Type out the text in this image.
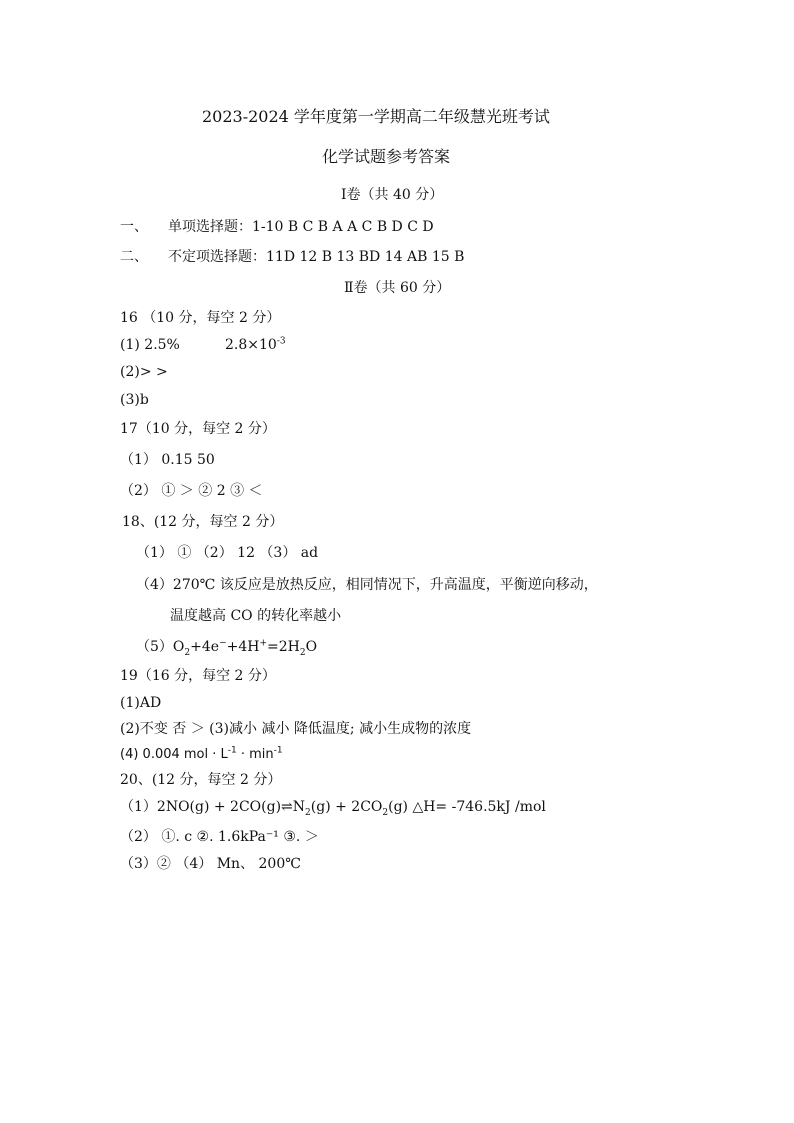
2023-2024 学年度第一学期高二年级慧光班考试
化学试题参考答案
Ⅰ卷（共 40 分）
一、 单项选择题：1-10 B C B A A C B D C D
二、 不定项选择题：11D 12 B 13 BD 14 AB 15 B
Ⅱ卷（共 60 分）
16 （10 分，每空 2 分）
(1) 2.5%	$2.8\times 10^{-3}$
(2)> >
(3)b
17（10 分，每空 2 分）
（1） 0.15 50
（2） ① ＞ ② 2 ③ ＜
18、(12 分，每空 2 分）
（1） ① （2） 12 （3） ad
（4）270℃ 该反应是放热反应，相同情况下，升高温度，平衡逆向移动，
温度越高 CO 的转化率越小
$(5)O_2+4e^-+4H^+=2H_2O$
19（16 分，每空 2 分）
(1)AD
(2)不变 否 ＞ (3)减小 减小 降低温度; 减小生成物的浓度
(4) 0.004 mol · $L^{-1} \cdot \min^{-1}$
20、(12 分，每空 2 分）
$(1)2NO(g) + 2CO(g)\rightleftharpoons N_2(g) + 2CO_2(g)$ △H= -746.5kJ /mol
（2） ①. c ②. 1.6kPa⁻¹ ③. ＞
（3）② （4） Mn、 200℃
